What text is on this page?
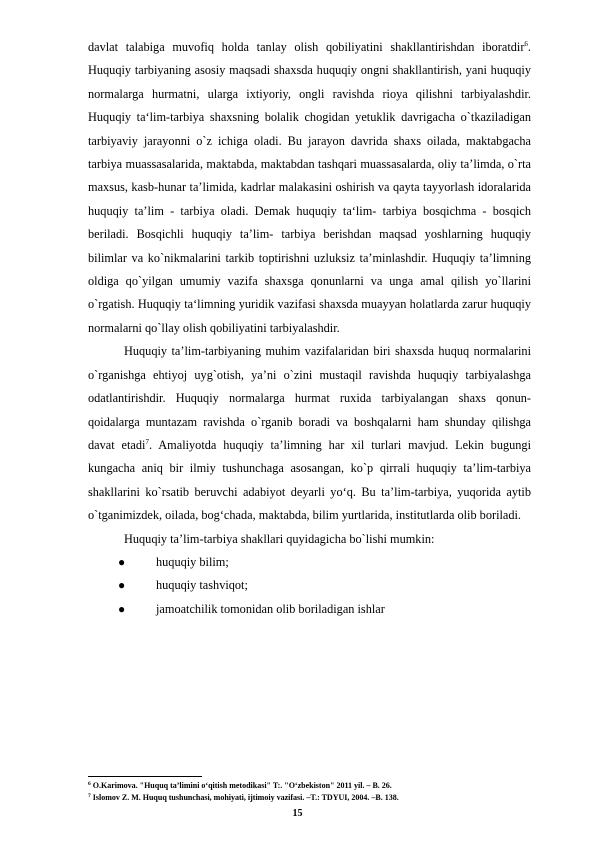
davlat talabiga muvofiq holda tanlay olish qobiliyatini shakllantirishdan iboratdir$^6$. Huquqiy tarbiyaning asosiy maqsadi shaxsda huquqiy ongni shakllantirish, yani huquqiy normalarga hurmatni, ularga ixtiyoriy, ongli ravishda rioya qilishni tarbiyalashdir. Huquqiy ta‘lim-tarbiya shaxsning bolalik chogidan yetuklik davrigacha o`tkaziladigan tarbiyaviy jarayonni o`z ichiga oladi. Bu jarayon davrida shaxs oilada, maktabgacha tarbiya muassasalarida, maktabda, maktabdan tashqari muassasalarda, oliy ta’limda, o`rta maxsus, kasb-hunar ta’limida, kadrlar malakasini oshirish va qayta tayyorlash idoralarida huquqiy ta’lim - tarbiya oladi. Demak huquqiy ta‘lim- tarbiya bosqichma - bosqich beriladi. Bosqichli huquqiy ta’lim- tarbiya berishdan maqsad yoshlarning huquqiy bilimlar va ko`nikmalarini tarkib toptirishni uzluksiz ta’minlashdir. Huquqiy ta’limning oldiga qo`yilgan umumiy vazifa shaxsga qonunlarni va unga amal qilish yo`llarini o`rgatish. Huquqiy ta‘limning yuridik vazifasi shaxsda muayyan holatlarda zarur huquqiy normalarni qo`llay olish qobiliyatini tarbiyalashdir.

Huquqiy ta’lim-tarbiyaning muhim vazifalaridan biri shaxsda huquq normalarini o`rganishga ehtiyoj uyg`otish, ya’ni o`zini mustaqil ravishda huquqiy tarbiyalashga odatlantirishdir. Huquqiy normalarga hurmat ruxida tarbiyalangan shaxs qonun-qoidalarga muntazam ravishda o`rganib boradi va boshqalarni ham shunday qilishga davat etadi$^7$. Amaliyotda huquqiy ta’limning har xil turlari mavjud. Lekin bugungi kungacha aniq bir ilmiy tushunchaga asosangan, ko`p qirrali huquqiy ta’lim-tarbiya shakllarini ko`rsatib beruvchi adabiyot deyarli yo‘q. Bu ta’lim-tarbiya, yuqorida aytib o`tganimizdek, oilada, bog‘chada, maktabda, bilim yurtlarida, institutlarda olib boriladi.

Huquqiy ta’lim-tarbiya shakllari quyidagicha bo`lishi mumkin:

●	huquqiy bilim;
●	huquqiy tashviqot;
●	jamoatchilik tomonidan olib boriladigan ishlar

$^6$ O.Karimova. "Huquq ta’limini o‘qitish metodikasi" T:. "O‘zbekiston" 2011 yil. – B. 26.

$^7$ Islomov Z. M. Huquq tushunchasi, mohiyati, ijtimoiy vazifasi. –T.: TDYUI, 2004. –B. 138.

15
